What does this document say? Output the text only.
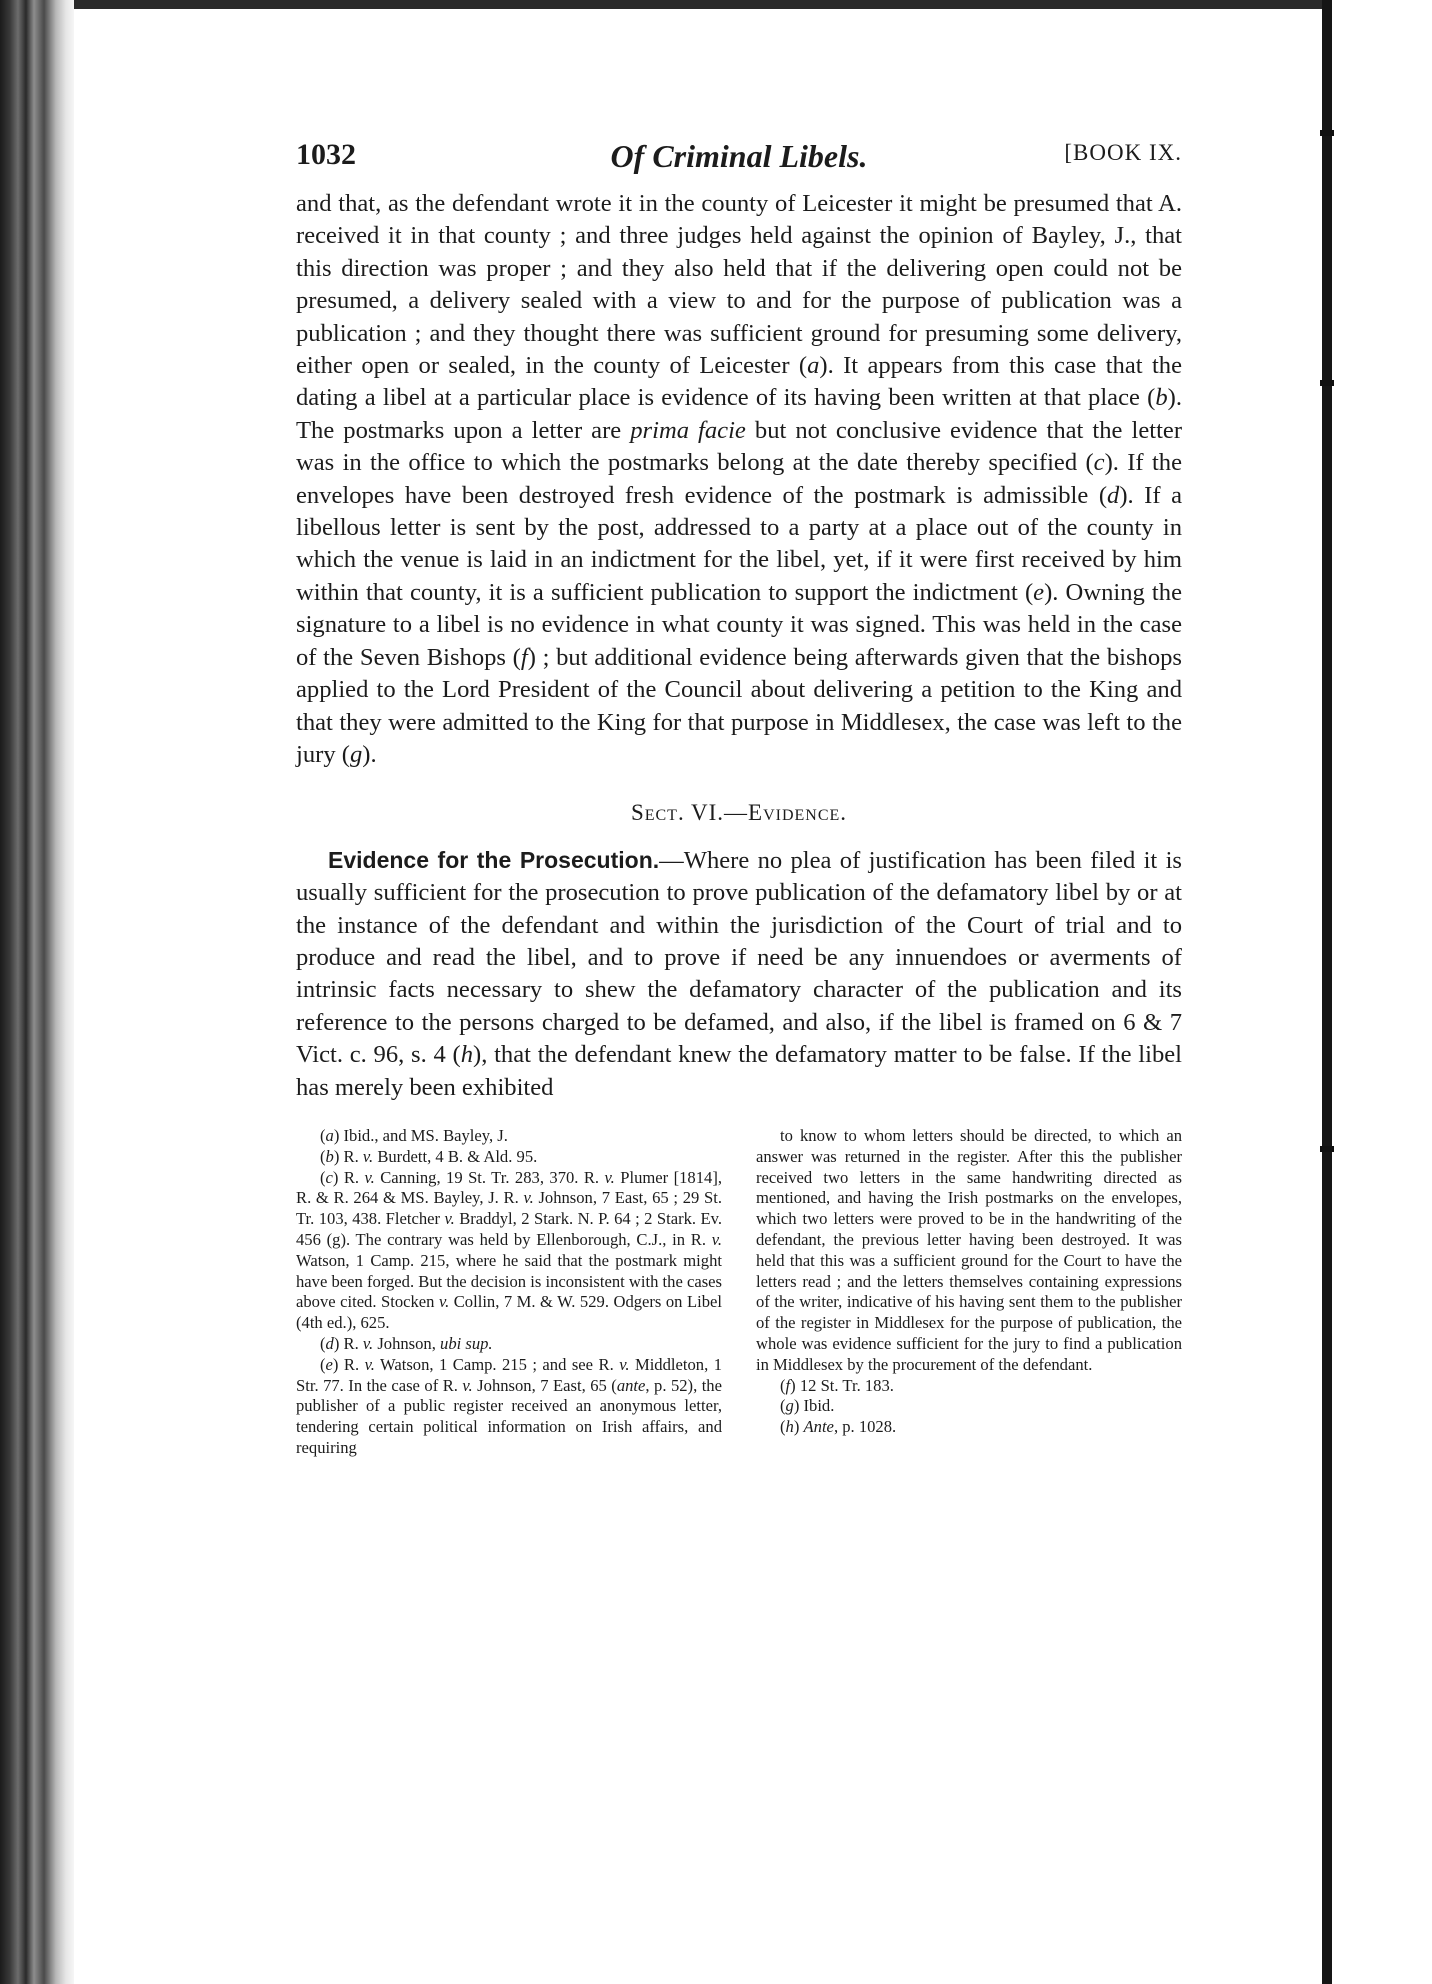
1032	Of Criminal Libels.	[BOOK IX.

and that, as the defendant wrote it in the county of Leicester it might be presumed that A. received it in that county ; and three judges held against the opinion of Bayley, J., that this direction was proper ; and they also held that if the delivering open could not be presumed, a delivery sealed with a view to and for the purpose of publication was a publication ; and they thought there was sufficient ground for presuming some delivery, either open or sealed, in the county of Leicester (a). It appears from this case that the dating a libel at a particular place is evidence of its having been written at that place (b). The postmarks upon a letter are prima facie but not conclusive evidence that the letter was in the office to which the postmarks belong at the date thereby specified (c). If the envelopes have been destroyed fresh evidence of the postmark is admissible (d). If a libellous letter is sent by the post, addressed to a party at a place out of the county in which the venue is laid in an indictment for the libel, yet, if it were first received by him within that county, it is a sufficient publication to support the indictment (e). Owning the signature to a libel is no evidence in what county it was signed. This was held in the case of the Seven Bishops (f) ; but additional evidence being afterwards given that the bishops applied to the Lord President of the Council about delivering a petition to the King and that they were admitted to the King for that purpose in Middlesex, the case was left to the jury (g).

Sect. VI.—Evidence.

Evidence for the Prosecution.—Where no plea of justification has been filed it is usually sufficient for the prosecution to prove publication of the defamatory libel by or at the instance of the defendant and within the jurisdiction of the Court of trial and to produce and read the libel, and to prove if need be any innuendoes or averments of intrinsic facts necessary to shew the defamatory character of the publication and its reference to the persons charged to be defamed, and also, if the libel is framed on 6 & 7 Vict. c. 96, s. 4 (h), that the defendant knew the defamatory matter to be false. If the libel has merely been exhibited

(a) Ibid., and MS. Bayley, J.

(b) R. v. Burdett, 4 B. & Ald. 95.

(c) R. v. Canning, 19 St. Tr. 283, 370. R. v. Plumer [1814], R. & R. 264 & MS. Bayley, J. R. v. Johnson, 7 East, 65 ; 29 St. Tr. 103, 438. Fletcher v. Braddyl, 2 Stark. N. P. 64 ; 2 Stark. Ev. 456 (g). The contrary was held by Ellenborough, C.J., in R. v. Watson, 1 Camp. 215, where he said that the postmark might have been forged. But the decision is inconsistent with the cases above cited. Stocken v. Collin, 7 M. & W. 529. Odgers on Libel (4th ed.), 625.

(d) R. v. Johnson, ubi sup.

(e) R. v. Watson, 1 Camp. 215 ; and see R. v. Middleton, 1 Str. 77. In the case of R. v. Johnson, 7 East, 65 (ante, p. 52), the publisher of a public register received an anonymous letter, tendering certain political information on Irish affairs, and requiring

to know to whom letters should be directed, to which an answer was returned in the register. After this the publisher received two letters in the same handwriting directed as mentioned, and having the Irish postmarks on the envelopes, which two letters were proved to be in the handwriting of the defendant, the previous letter having been destroyed. It was held that this was a sufficient ground for the Court to have the letters read ; and the letters themselves containing expressions of the writer, indicative of his having sent them to the publisher of the register in Middlesex for the purpose of publication, the whole was evidence sufficient for the jury to find a publication in Middlesex by the procurement of the defendant.

(f) 12 St. Tr. 183.

(g) Ibid.

(h) Ante, p. 1028.
